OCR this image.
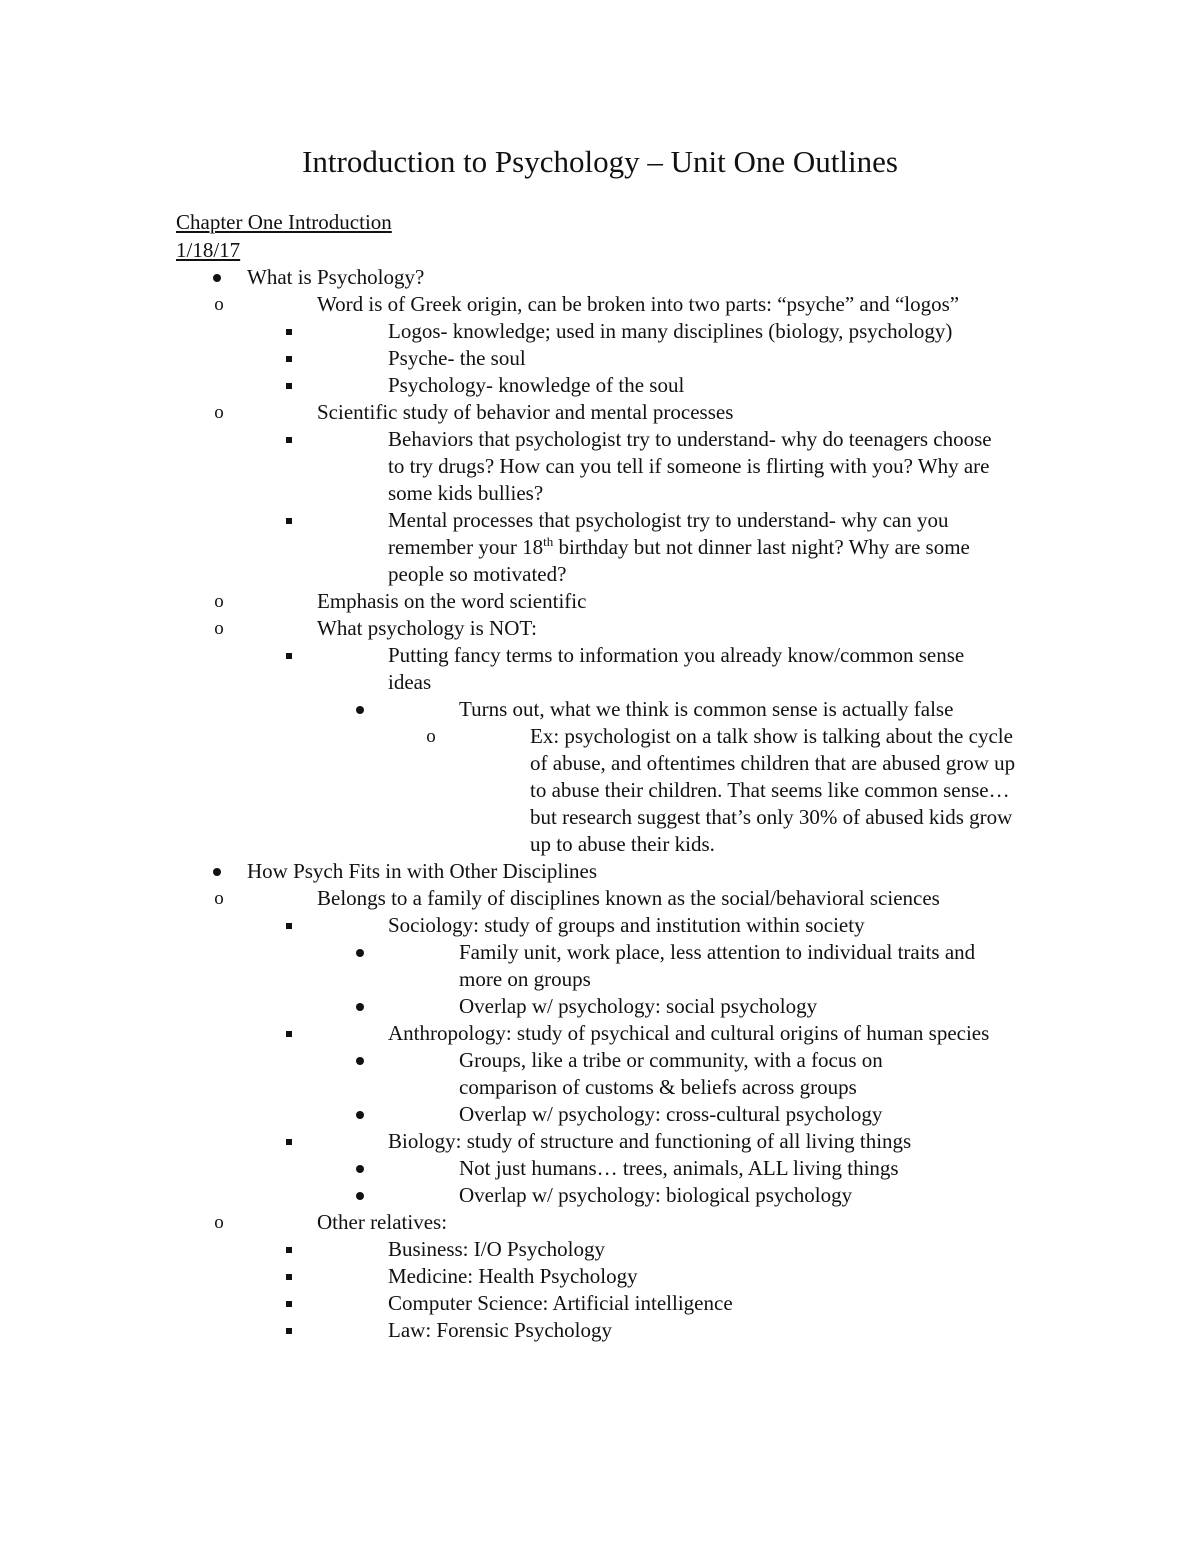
Introduction to Psychology – Unit One Outlines

Chapter One Introduction

1/18/17

What is Psychology?
o	Word is of Greek origin, can be broken into two parts: “psyche” and “logos”
Logos- knowledge; used in many disciplines (biology, psychology)
Psyche- the soul
Psychology- knowledge of the soul
o	Scientific study of behavior and mental processes
Behaviors that psychologist try to understand- why do teenagers choose to try drugs? How can you tell if someone is flirting with you? Why are some kids bullies?
Mental processes that psychologist try to understand- why can you remember your 18th birthday but not dinner last night? Why are some people so motivated?
o	Emphasis on the word scientific
o	What psychology is NOT:
Putting fancy terms to information you already know/common sense ideas
Turns out, what we think is common sense is actually false
o	Ex: psychologist on a talk show is talking about the cycle of abuse, and oftentimes children that are abused grow up to abuse their children. That seems like common sense… but research suggest that’s only 30% of abused kids grow up to abuse their kids.
How Psych Fits in with Other Disciplines
o	Belongs to a family of disciplines known as the social/behavioral sciences
Sociology: study of groups and institution within society
Family unit, work place, less attention to individual traits and more on groups
Overlap w/ psychology: social psychology
Anthropology: study of psychical and cultural origins of human species
Groups, like a tribe or community, with a focus on comparison of customs & beliefs across groups
Overlap w/ psychology: cross-cultural psychology
Biology: study of structure and functioning of all living things
Not just humans… trees, animals, ALL living things
Overlap w/ psychology: biological psychology
o	Other relatives:
Business: I/O Psychology
Medicine: Health Psychology
Computer Science: Artificial intelligence
Law: Forensic Psychology
